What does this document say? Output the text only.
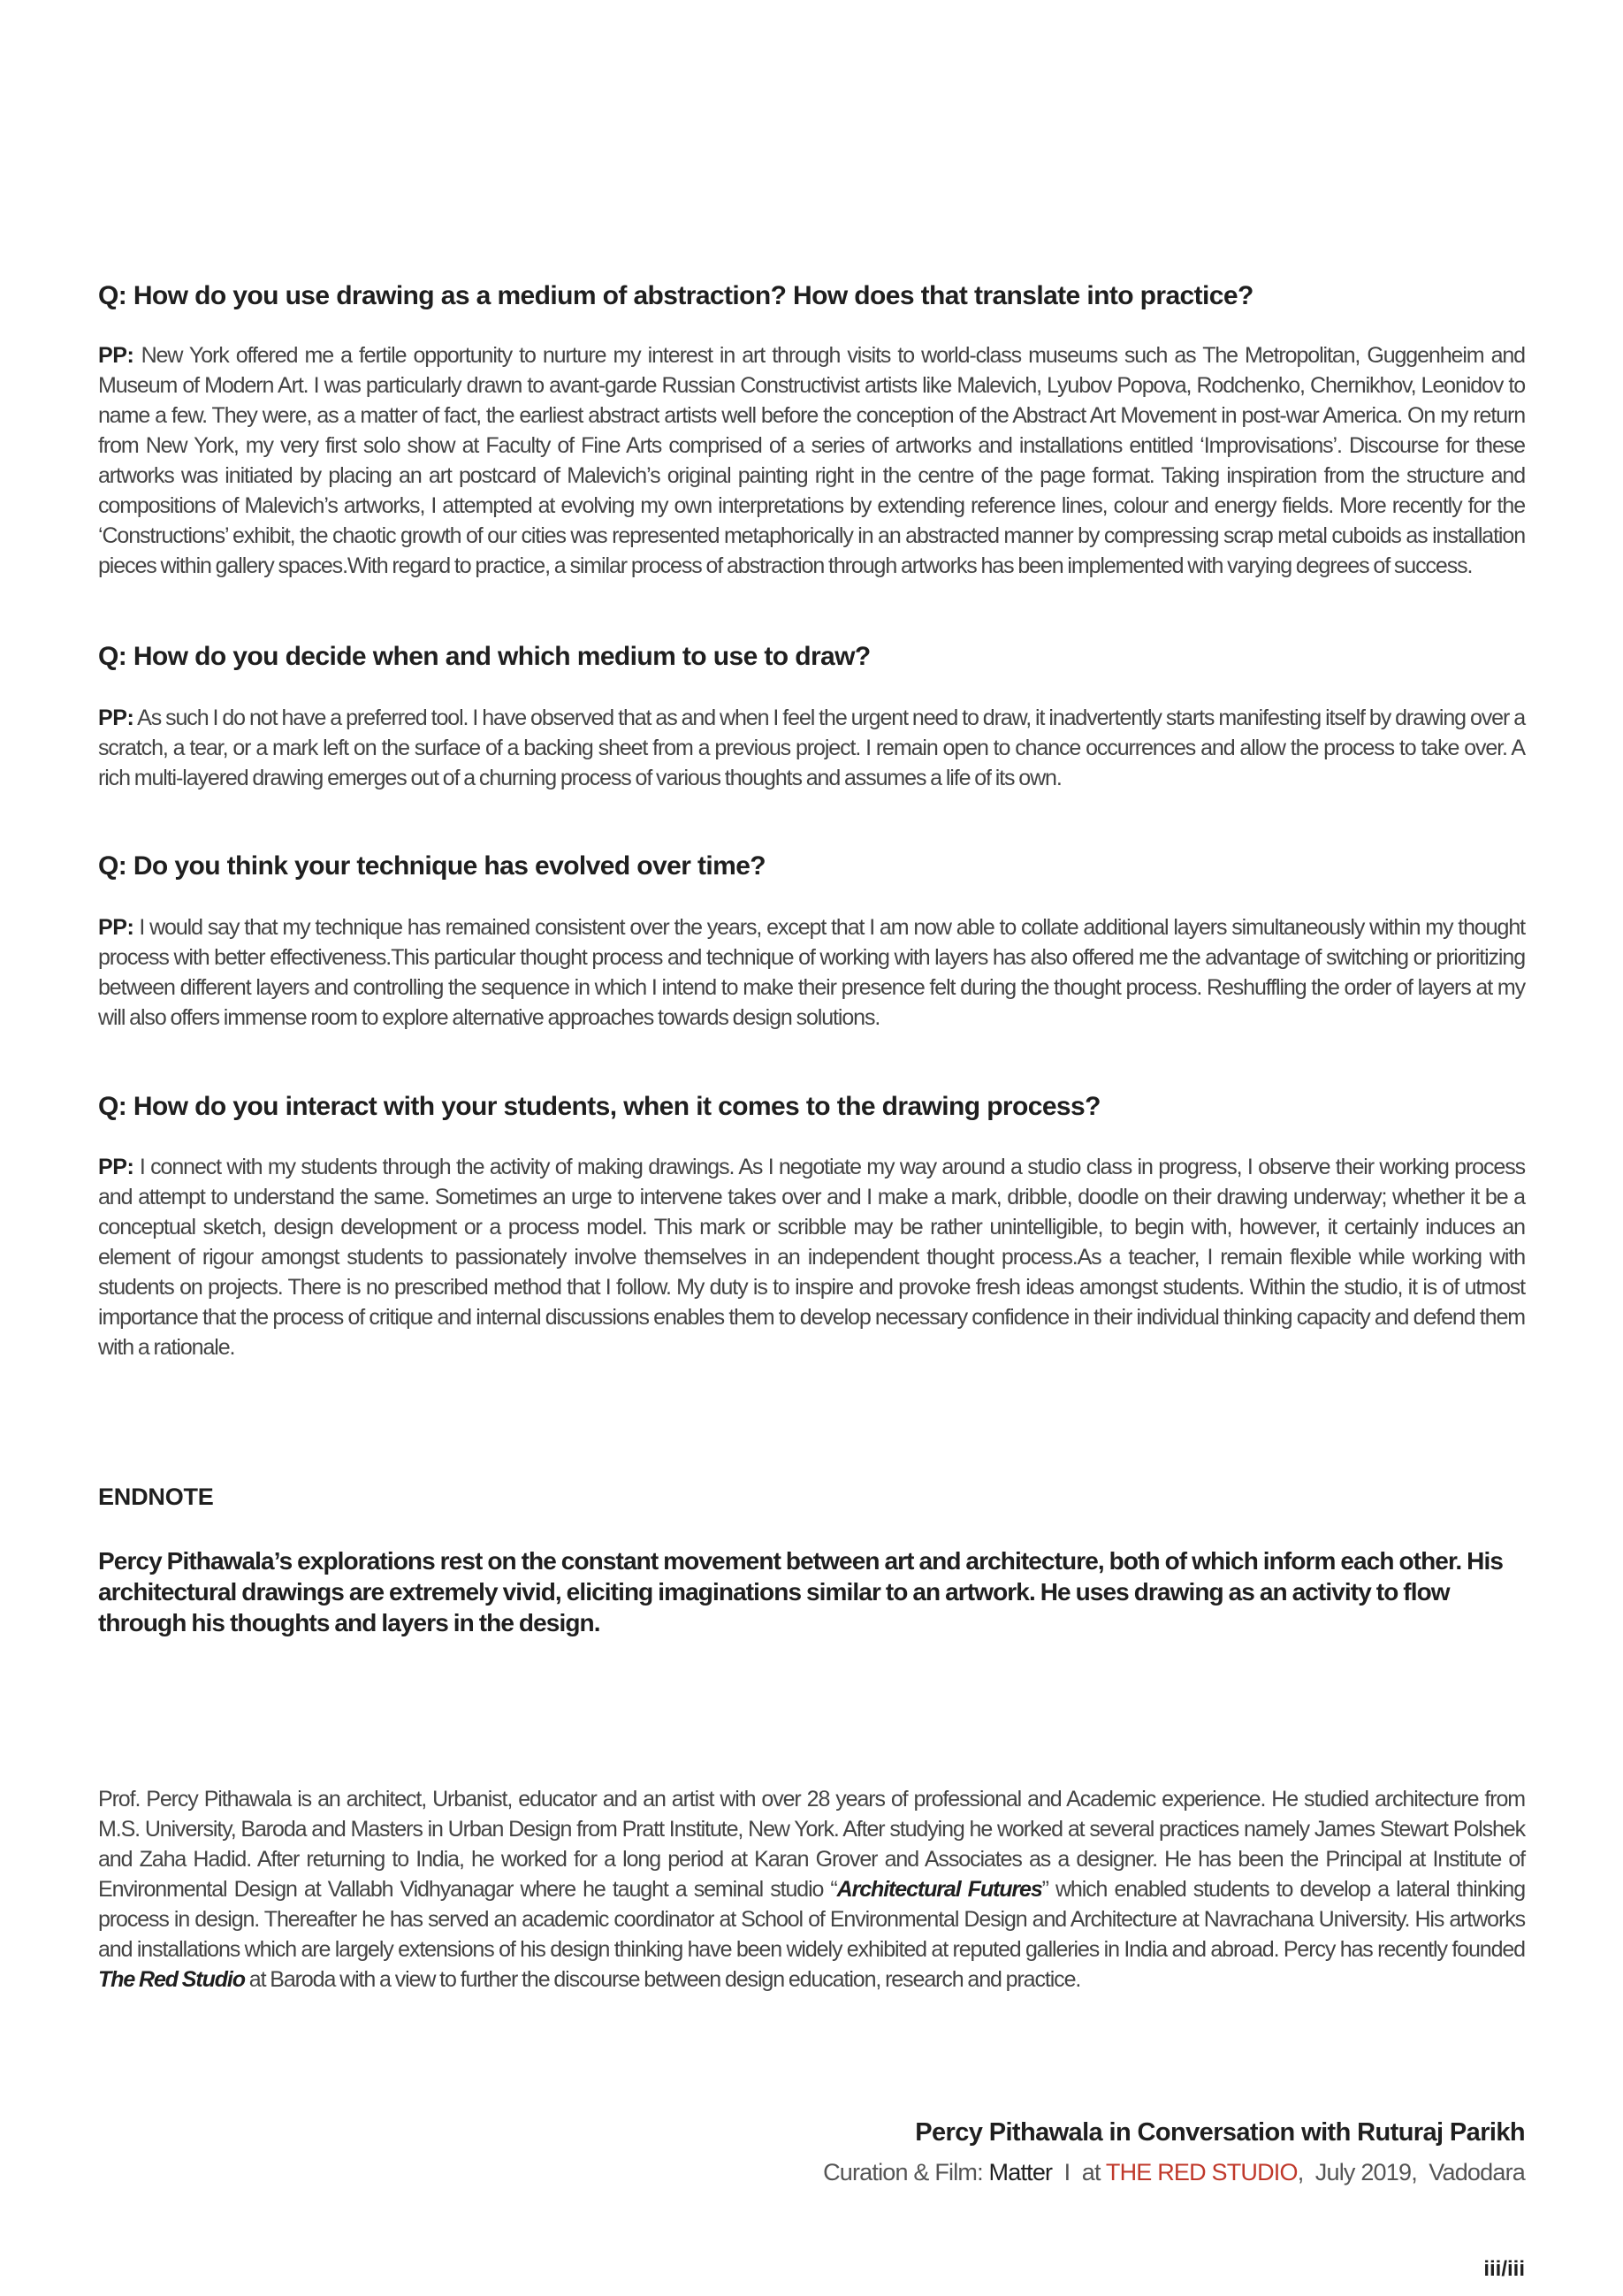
Q: How do you use drawing as a medium of abstraction? How does that translate into practice?
PP: New York offered me a fertile opportunity to nurture my interest in art through visits to world-class museums such as The Metropolitan, Guggenheim and Museum of Modern Art. I was particularly drawn to avant-garde Russian Constructivist artists like Malevich, Lyubov Popova, Rodchenko, Chernikhov, Leonidov to name a few. They were, as a matter of fact, the earliest abstract artists well before the conception of the Abstract Art Movement in post-war America. On my return from New York, my very first solo show at Faculty of Fine Arts comprised of a series of artworks and installations entitled ‘Improvisations’. Discourse for these artworks was initiated by placing an art postcard of Malevich’s original painting right in the centre of the page format. Taking inspiration from the structure and compositions of Malevich’s artworks, I attempted at evolving my own interpretations by extending reference lines, colour and energy fields. More recently for the ‘Constructions’ exhibit, the chaotic growth of our cities was represented metaphorically in an abstracted manner by compressing scrap metal cuboids as installation pieces within gallery spaces.With regard to practice, a similar process of abstraction through artworks has been implemented with varying degrees of success.
Q: How do you decide when and which medium to use to draw?
PP: As such I do not have a preferred tool. I have observed that as and when I feel the urgent need to draw, it inadvertently starts manifesting itself by drawing over a scratch, a tear, or a mark left on the surface of a backing sheet from a previous project. I remain open to chance occurrences and allow the process to take over. A rich multi-layered drawing emerges out of a churning process of various thoughts and assumes a life of its own.
Q: Do you think your technique has evolved over time?
PP: I would say that my technique has remained consistent over the years, except that I am now able to collate additional layers simultaneously within my thought process with better effectiveness.This particular thought process and technique of working with layers has also offered me the advantage of switching or prioritizing between different layers and controlling the sequence in which I intend to make their presence felt during the thought process. Reshuffling the order of layers at my will also offers immense room to explore alternative approaches towards design solutions.
Q: How do you interact with your students, when it comes to the drawing process?
PP: I connect with my students through the activity of making drawings. As I negotiate my way around a studio class in progress, I observe their working process and attempt to understand the same. Sometimes an urge to intervene takes over and I make a mark, dribble, doodle on their drawing underway; whether it be a conceptual sketch, design development or a process model. This mark or scribble may be rather unintelligible, to begin with, however, it certainly induces an element of rigour amongst students to passionately involve themselves in an independent thought process.As a teacher, I remain flexible while working with students on projects. There is no prescribed method that I follow. My duty is to inspire and provoke fresh ideas amongst students. Within the studio, it is of utmost importance that the process of critique and internal discussions enables them to develop necessary confidence in their individual thinking capacity and defend them with a rationale.
ENDNOTE
Percy Pithawala’s explorations rest on the constant movement between art and architecture, both of which inform each other. His architectural drawings are extremely vivid, eliciting imaginations similar to an artwork. He uses drawing as an activity to flow through his thoughts and layers in the design.
Prof. Percy Pithawala is an architect, Urbanist, educator and an artist with over 28 years of professional and Academic experience. He studied architecture from M.S. University, Baroda and Masters in Urban Design from Pratt Institute, New York. After studying he worked at several practices namely James Stewart Polshek and Zaha Hadid. After returning to India, he worked for a long period at Karan Grover and Associates as a designer. He has been the Principal at Institute of Environmental Design at Vallabh Vidhyanagar where he taught a seminal studio “Architectural Futures” which enabled students to develop a lateral thinking process in design. Thereafter he has served an academic coordinator at School of Environmental Design and Architecture at Navrachana University. His artworks and installations which are largely extensions of his design thinking have been widely exhibited at reputed galleries in India and abroad. Percy has recently founded The Red Studio at Baroda with a view to further the discourse between design education, research and practice.
Percy Pithawala in Conversation with Ruturaj Parikh
Curation & Film: Matter  I  at THE RED STUDIO,  July 2019,  Vadodara
iii/iii
